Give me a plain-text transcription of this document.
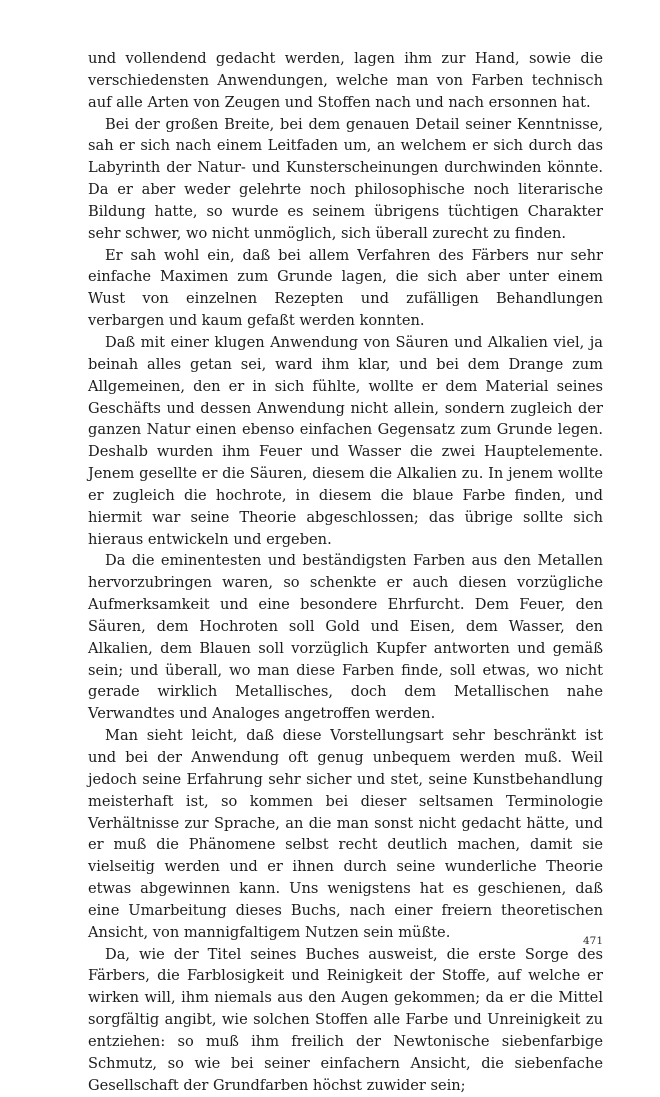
und vollendend gedacht werden, lagen ihm zur Hand, sowie die verschiedensten Anwendungen, welche man von Farben technisch auf alle Arten von Zeugen und Stoffen nach und nach ersonnen hat.

Bei der großen Breite, bei dem genauen Detail seiner Kenntnisse, sah er sich nach einem Leitfaden um, an welchem er sich durch das Labyrinth der Natur- und Kunsterscheinungen durchwinden könnte. Da er aber weder gelehrte noch philosophische noch literarische Bildung hatte, so wurde es seinem übrigens tüchtigen Charakter sehr schwer, wo nicht unmöglich, sich überall zurecht zu finden.

Er sah wohl ein, daß bei allem Verfahren des Färbers nur sehr einfache Maximen zum Grunde lagen, die sich aber unter einem Wust von einzelnen Rezepten und zufälligen Behandlungen verbargen und kaum gefaßt werden konnten.

Daß mit einer klugen Anwendung von Säuren und Alkalien viel, ja beinah alles getan sei, ward ihm klar, und bei dem Drange zum Allgemeinen, den er in sich fühlte, wollte er dem Material seines Geschäfts und dessen Anwendung nicht allein, sondern zugleich der ganzen Natur einen ebenso einfachen Gegensatz zum Grunde legen. Deshalb wurden ihm Feuer und Wasser die zwei Hauptelemente. Jenem gesellte er die Säuren, diesem die Alkalien zu. In jenem wollte er zugleich die hochrote, in diesem die blaue Farbe finden, und hiermit war seine Theorie abgeschlossen; das übrige sollte sich hieraus entwickeln und ergeben.

Da die eminentesten und beständigsten Farben aus den Metallen hervorzubringen waren, so schenkte er auch diesen vorzügliche Aufmerksamkeit und eine besondere Ehrfurcht. Dem Feuer, den Säuren, dem Hochroten soll Gold und Eisen, dem Wasser, den Alkalien, dem Blauen soll vorzüglich Kupfer antworten und gemäß sein; und überall, wo man diese Farben finde, soll etwas, wo nicht gerade wirklich Metallisches, doch dem Metallischen nahe Verwandtes und Analoges angetroffen werden.

Man sieht leicht, daß diese Vorstellungsart sehr beschränkt ist und bei der Anwendung oft genug unbequem werden muß. Weil jedoch seine Erfahrung sehr sicher und stet, seine Kunstbehandlung meisterhaft ist, so kommen bei dieser seltsamen Terminologie Verhältnisse zur Sprache, an die man sonst nicht gedacht hätte, und er muß die Phänomene selbst recht deutlich machen, damit sie vielseitig werden und er ihnen durch seine wunderliche Theorie etwas abgewinnen kann. Uns wenigstens hat es geschienen, daß eine Umarbeitung dieses Buchs, nach einer freiern theoretischen Ansicht, von mannigfaltigem Nutzen sein müßte.

Da, wie der Titel seines Buches ausweist, die erste Sorge des Färbers, die Farblosigkeit und Reinigkeit der Stoffe, auf welche er wirken will, ihm niemals aus den Augen gekommen; da er die Mittel sorgfältig angibt, wie solchen Stoffen alle Farbe und Unreinigkeit zu entziehen: so muß ihm freilich der Newtonische siebenfarbige Schmutz, so wie bei seiner einfachern Ansicht, die siebenfache Gesellschaft der Grundfarben höchst zuwider sein;

471
